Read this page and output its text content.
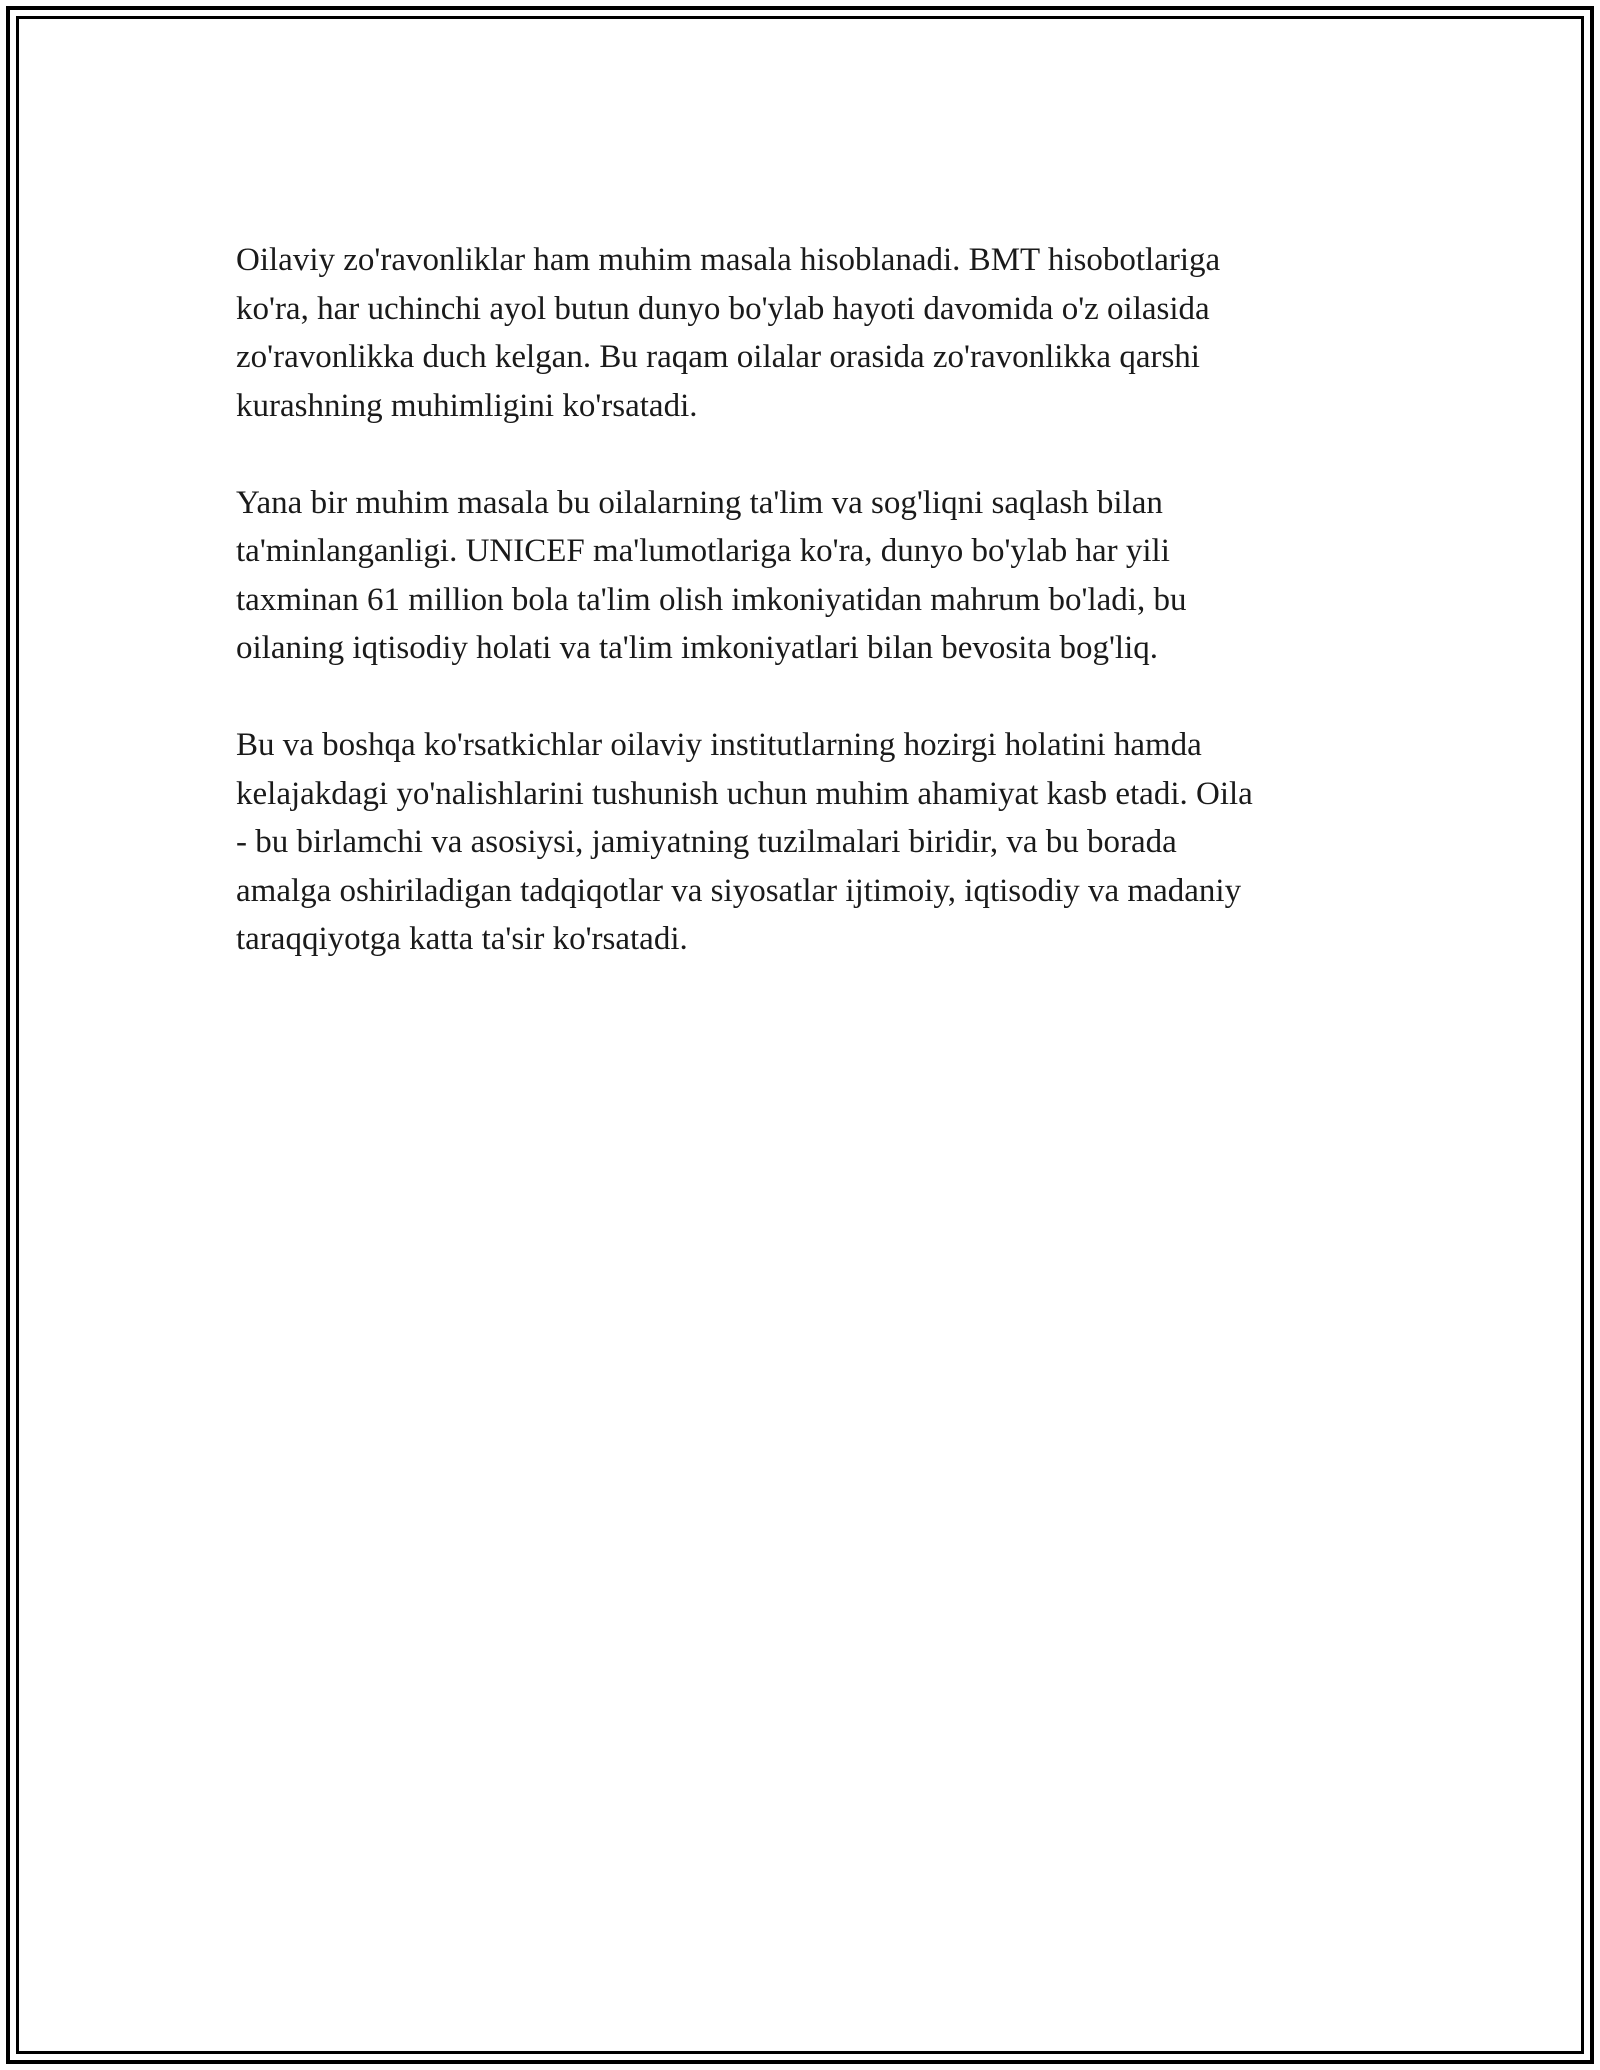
Oilaviy zo'ravonliklar ham muhim masala hisoblanadi. BMT hisobotlariga
ko'ra, har uchinchi ayol butun dunyo bo'ylab hayoti davomida o'z oilasida
zo'ravonlikka duch kelgan. Bu raqam oilalar orasida zo'ravonlikka qarshi
kurashning muhimligini ko'rsatadi.

Yana bir muhim masala bu oilalarning ta'lim va sog'liqni saqlash bilan
ta'minlanganligi. UNICEF ma'lumotlariga ko'ra, dunyo bo'ylab har yili
taxminan 61 million bola ta'lim olish imkoniyatidan mahrum bo'ladi, bu
oilaning iqtisodiy holati va ta'lim imkoniyatlari bilan bevosita bog'liq.

Bu va boshqa ko'rsatkichlar oilaviy institutlarning hozirgi holatini hamda
kelajakdagi yo'nalishlarini tushunish uchun muhim ahamiyat kasb etadi. Oila
- bu birlamchi va asosiysi, jamiyatning tuzilmalari biridir, va bu borada
amalga oshiriladigan tadqiqotlar va siyosatlar ijtimoiy, iqtisodiy va madaniy
taraqqiyotga katta ta'sir ko'rsatadi.
